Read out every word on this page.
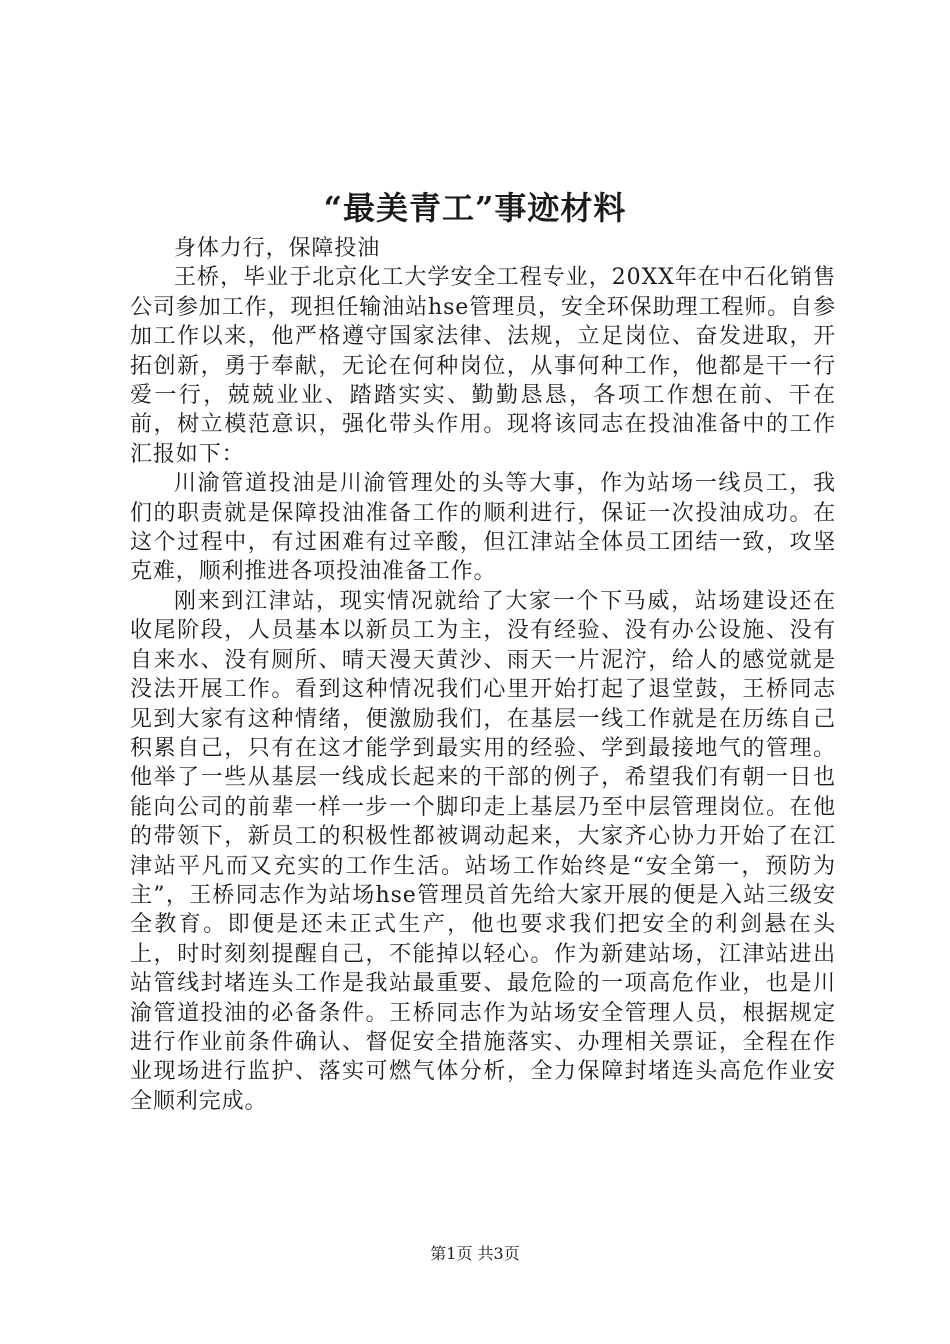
“最美青工”事迹材料

身体力行，保障投油

王桥，毕业于北京化工大学安全工程专业，20XX年在中石化销售公司参加工作，现担任输油站hse管理员，安全环保助理工程师。自参加工作以来，他严格遵守国家法律、法规，立足岗位、奋发进取，开拓创新，勇于奉献，无论在何种岗位，从事何种工作，他都是干一行爱一行，兢兢业业、踏踏实实、勤勤恳恳，各项工作想在前、干在前，树立模范意识，强化带头作用。现将该同志在投油准备中的工作汇报如下：

川渝管道投油是川渝管理处的头等大事，作为站场一线员工，我们的职责就是保障投油准备工作的顺利进行，保证一次投油成功。在这个过程中，有过困难有过辛酸，但江津站全体员工团结一致，攻坚克难，顺利推进各项投油准备工作。

刚来到江津站，现实情况就给了大家一个下马威，站场建设还在收尾阶段，人员基本以新员工为主，没有经验、没有办公设施、没有自来水、没有厕所、晴天漫天黄沙、雨天一片泥泞，给人的感觉就是没法开展工作。看到这种情况我们心里开始打起了退堂鼓，王桥同志见到大家有这种情绪，便激励我们，在基层一线工作就是在历练自己积累自己，只有在这才能学到最实用的经验、学到最接地气的管理。他举了一些从基层一线成长起来的干部的例子，希望我们有朝一日也能向公司的前辈一样一步一个脚印走上基层乃至中层管理岗位。在他的带领下，新员工的积极性都被调动起来，大家齐心协力开始了在江津站平凡而又充实的工作生活。站场工作始终是“安全第一，预防为主”，王桥同志作为站场hse管理员首先给大家开展的便是入站三级安全教育。即便是还未正式生产，他也要求我们把安全的利剑悬在头上，时时刻刻提醒自己，不能掉以轻心。作为新建站场，江津站进出站管线封堵连头工作是我站最重要、最危险的一项高危作业，也是川渝管道投油的必备条件。王桥同志作为站场安全管理人员，根据规定进行作业前条件确认、督促安全措施落实、办理相关票证，全程在作业现场进行监护、落实可燃气体分析，全力保障封堵连头高危作业安全顺利完成。

第1页 共3页
